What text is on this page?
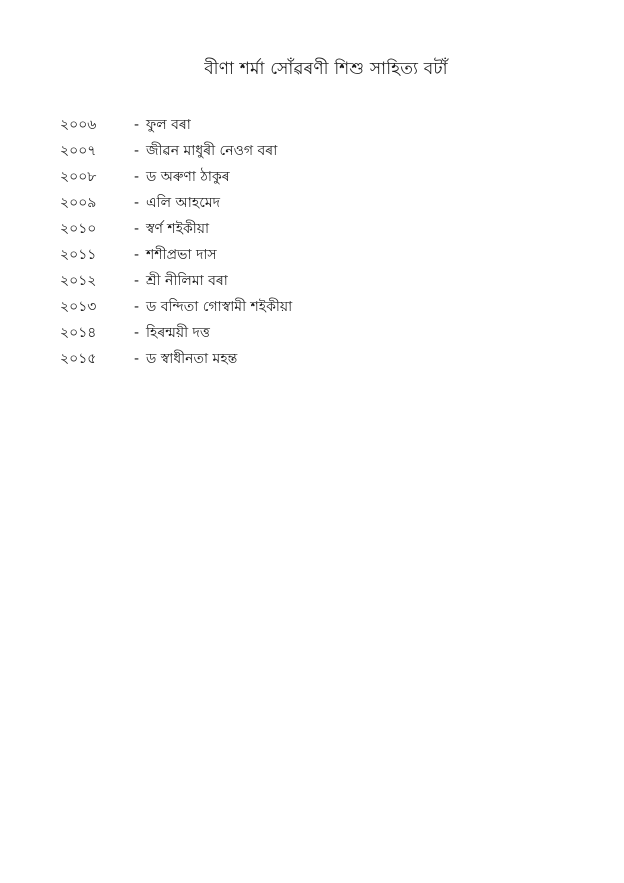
বীণা শৰ্মা সোঁৱৰণী শিশু সাহিত্য বটাঁ
২০০৬	- ফুল বৰা
২০০৭	- জীৱন মাধুৰী নেওগ বৰা
২০০৮	- ড অৰুণা ঠাকুৰ
২০০৯	- এলি আহমেদ
২০১০	- স্বৰ্ণ শইকীয়া
২০১১	- শশীপ্ৰভা দাস
২০১২	- শ্ৰী নীলিমা বৰা
২০১৩	- ড বন্দিতা গোস্বামী শইকীয়া
২০১৪	- হিৰন্ময়ী দত্ত
২০১৫	- ড স্বাধীনতা মহন্ত
